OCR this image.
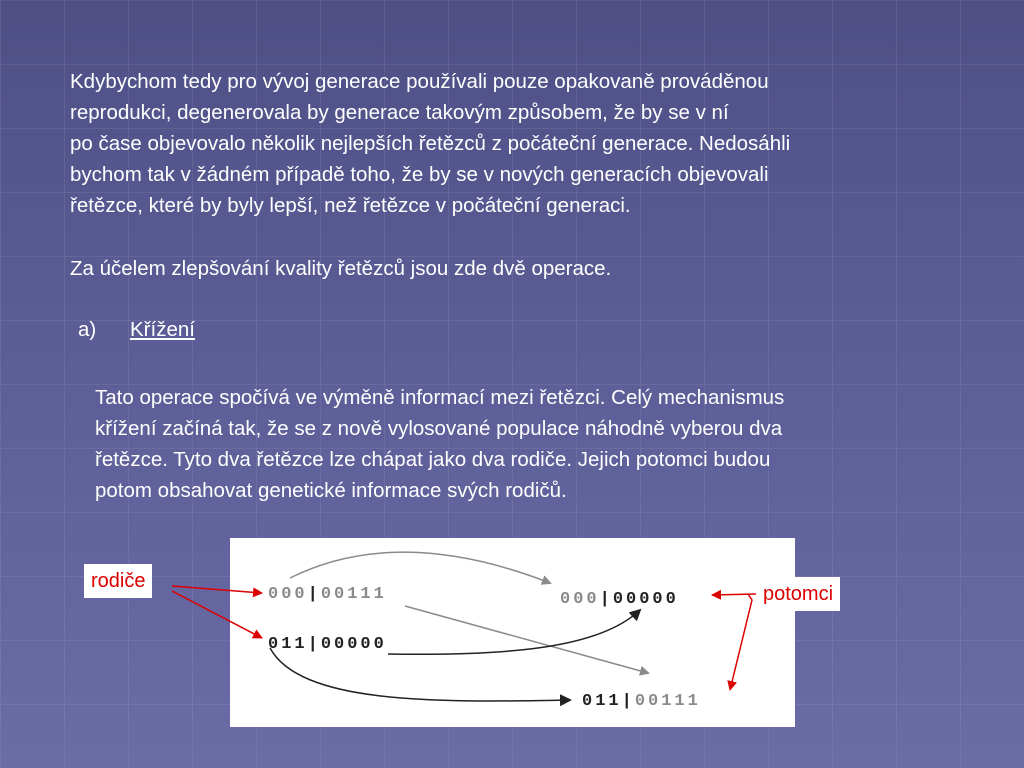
Kdybychom tedy pro vývoj generace používali pouze opakovaně prováděnou
reprodukci, degenerovala by generace takovým způsobem, že by se v ní
po čase objevovalo několik nejlepších řetězců z počáteční generace. Nedosáhli
bychom tak v žádném případě toho, že by se v nových generacích objevovali
řetězce, které by byly lepší, než řetězce v počáteční generaci.
Za účelem zlepšování kvality řetězců jsou zde dvě operace.
a) Křížení
Tato operace spočívá ve výměně informací mezi řetězci. Celý mechanismus
křížení začíná tak, že se z nově vylosované populace náhodně vyberou dva
řetězce. Tyto dva řetězce lze chápat jako dva rodiče. Jejich potomci budou
potom obsahovat genetické informace svých rodičů.
000|00111
011|00000
000|00000
011|00111
rodiče
potomci
